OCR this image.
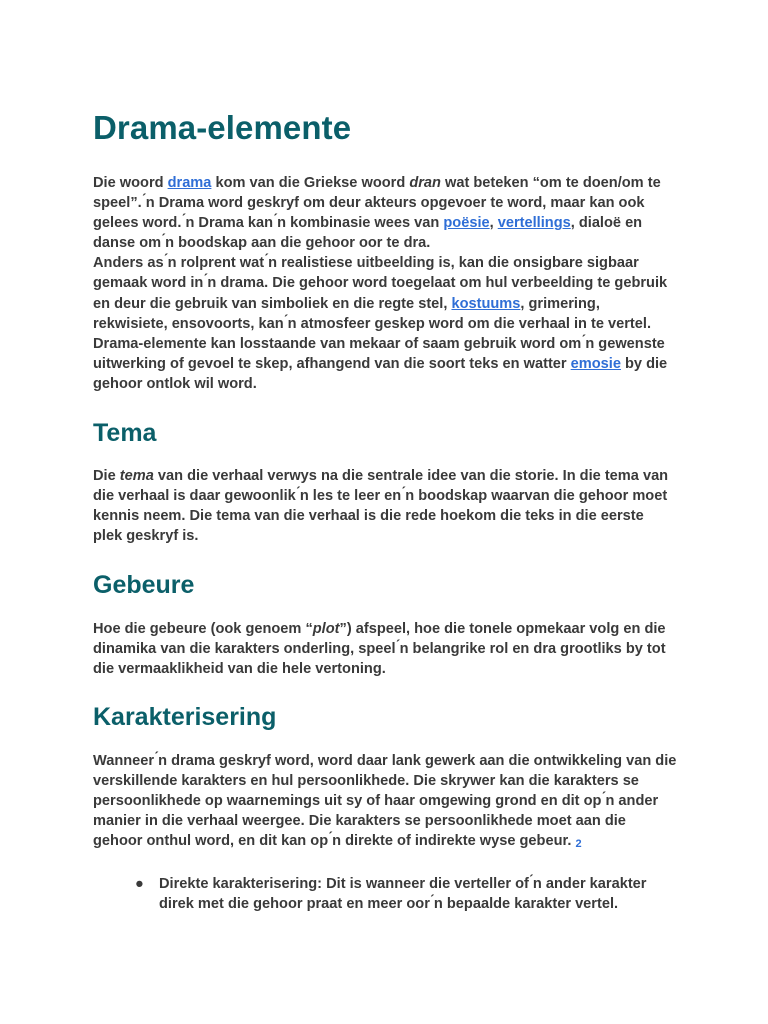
Drama-elemente

Die woord drama kom van die Griekse woord dran wat beteken “om te doen/om te
speel”. ́n Drama word geskryf om deur akteurs opgevoer te word, maar kan ook
gelees word. ́n Drama kan ́n kombinasie wees van poësie, vertellings, dialoë en
danse om ́n boodskap aan die gehoor oor te dra.
Anders as ́n rolprent wat ́n realistiese uitbeelding is, kan die onsigbare sigbaar
gemaak word in ́n drama. Die gehoor word toegelaat om hul verbeelding te gebruik
en deur die gebruik van simboliek en die regte stel, kostuums, grimering,
rekwisiete, ensovoorts, kan ́n atmosfeer geskep word om die verhaal in te vertel.
Drama-elemente kan losstaande van mekaar of saam gebruik word om ́n gewenste
uitwerking of gevoel te skep, afhangend van die soort teks en watter emosie by die
gehoor ontlok wil word.

Tema

Die tema van die verhaal verwys na die sentrale idee van die storie. In die tema van
die verhaal is daar gewoonlik ́n les te leer en ́n boodskap waarvan die gehoor moet
kennis neem. Die tema van die verhaal is die rede hoekom die teks in die eerste
plek geskryf is.

Gebeure

Hoe die gebeure (ook genoem “plot”) afspeel, hoe die tonele opmekaar volg en die
dinamika van die karakters onderling, speel ́n belangrike rol en dra grootliks by tot
die vermaaklikheid van die hele vertoning.

Karakterisering

Wanneer ́n drama geskryf word, word daar lank gewerk aan die ontwikkeling van die
verskillende karakters en hul persoonlikhede. Die skrywer kan die karakters se
persoonlikhede op waarnemings uit sy of haar omgewing grond en dit op ́n ander
manier in die verhaal weergee. Die karakters se persoonlikhede moet aan die
gehoor onthul word, en dit kan op ́n direkte of indirekte wyse gebeur. $^2$

● Direkte karakterisering: Dit is wanneer die verteller of ́n ander karakter
direk met die gehoor praat en meer oor ́n bepaalde karakter vertel.
